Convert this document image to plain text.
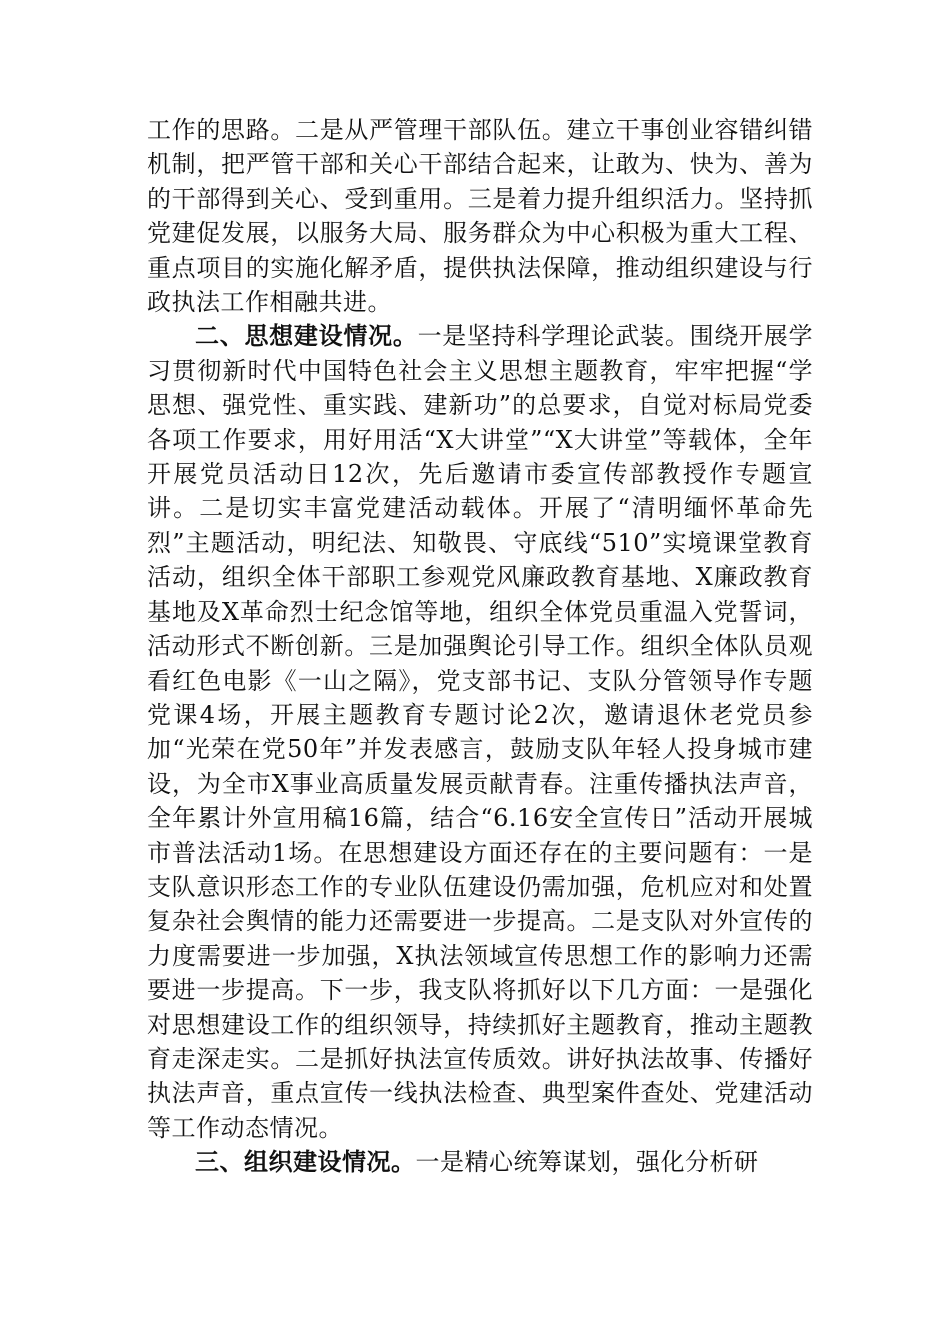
工作的思路。二是从严管理干部队伍。建立干事创业容错纠错机制，把严管干部和关心干部结合起来，让敢为、快为、善为的干部得到关心、受到重用。三是着力提升组织活力。坚持抓党建促发展，以服务大局、服务群众为中心积极为重大工程、重点项目的实施化解矛盾，提供执法保障，推动组织建设与行政执法工作相融共进。

二、思想建设情况。一是坚持科学理论武装。围绕开展学习贯彻新时代中国特色社会主义思想主题教育，牢牢把握“学思想、强党性、重实践、建新功”的总要求，自觉对标局党委各项工作要求，用好用活“X大讲堂”“X大讲堂”等载体，全年开展党员活动日12次，先后邀请市委宣传部教授作专题宣讲。二是切实丰富党建活动载体。开展了“清明缅怀革命先烈”主题活动，明纪法、知敬畏、守底线“510”实境课堂教育活动，组织全体干部职工参观党风廉政教育基地、X廉政教育基地及X革命烈士纪念馆等地，组织全体党员重温入党誓词，活动形式不断创新。三是加强舆论引导工作。组织全体队员观看红色电影《一山之隔》，党支部书记、支队分管领导作专题党课4场，开展主题教育专题讨论2次，邀请退休老党员参加“光荣在党50年”并发表感言，鼓励支队年轻人投身城市建设，为全市X事业高质量发展贡献青春。注重传播执法声音，全年累计外宣用稿16篇，结合“6.16安全宣传日”活动开展城市普法活动1场。在思想建设方面还存在的主要问题有：一是支队意识形态工作的专业队伍建设仍需加强，危机应对和处置复杂社会舆情的能力还需要进一步提高。二是支队对外宣传的力度需要进一步加强，X执法领域宣传思想工作的影响力还需要进一步提高。下一步，我支队将抓好以下几方面：一是强化对思想建设工作的组织领导，持续抓好主题教育，推动主题教育走深走实。二是抓好执法宣传质效。讲好执法故事、传播好执法声音，重点宣传一线执法检查、典型案件查处、党建活动等工作动态情况。

三、组织建设情况。一是精心统筹谋划，强化分析研
